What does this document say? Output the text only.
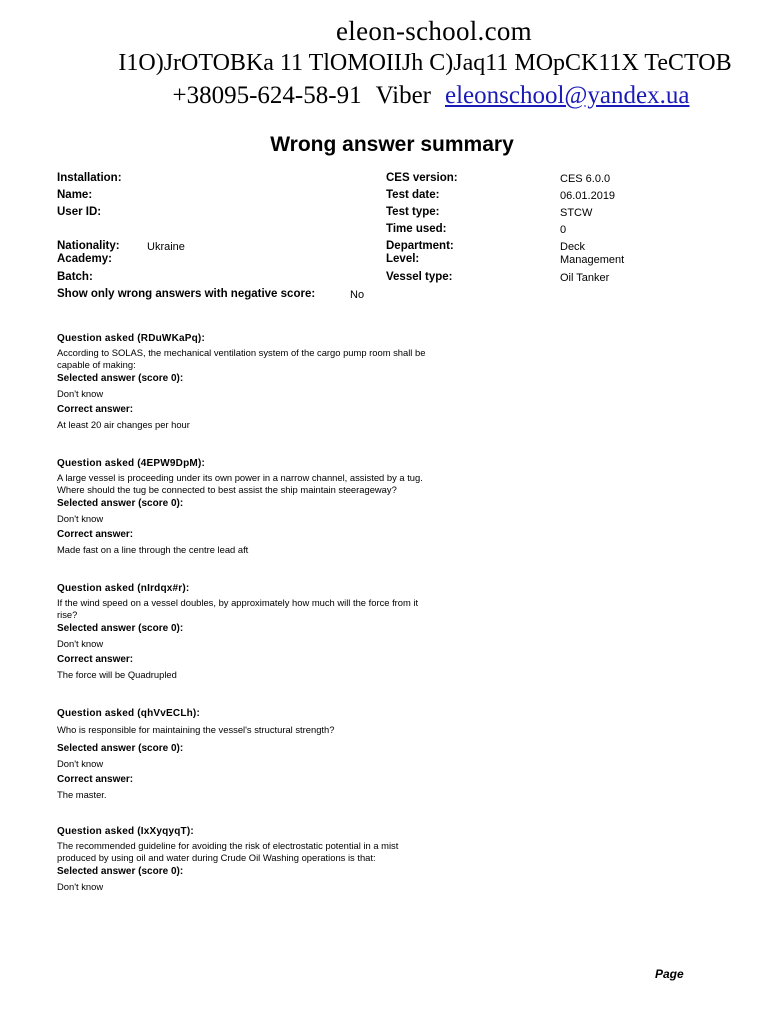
eleon-school.com
I1O)JrOTOBKa 11 TlOMOIIJh C)Jaq11 MOpCK11X TeCTOB
+38095-624-58-91 Viber eleonschool@yandex.ua
Wrong answer summary
Installation:
Name:
User ID:
Nationality: Ukraine
Academy:
Batch:
Show only wrong answers with negative score:	No
CES version:	CES 6.0.0
Test date:	06.01.2019
Test type:	STCW
Time used:	0
Department:	Deck
Level:	Management
Vessel type:	Oil Tanker
Question asked (RDuWKaPq):
According to SOLAS, the mechanical ventilation system of the cargo pump room shall be
capable of making:
Selected answer (score 0):
Don't know
Correct answer:
At least 20 air changes per hour
Question asked (4EPW9DpM):
A large vessel is proceeding under its own power in a narrow channel, assisted by a tug.
Where should the tug be connected to best assist the ship maintain steerageway?
Selected answer (score 0):
Don't know
Correct answer:
Made fast on a line through the centre lead aft
Question asked (nIrdqx#r):
If the wind speed on a vessel doubles, by approximately how much will the force from it
rise?
Selected answer (score 0):
Don't know
Correct answer:
The force will be Quadrupled
Question asked (qhVvECLh):
Who is responsible for maintaining the vessel's structural strength?
Selected answer (score 0):
Don't know
Correct answer:
The master.
Question asked (IxXyqyqT):
The recommended guideline for avoiding the risk of electrostatic potential in a mist
produced by using oil and water during Crude Oil Washing operations is that:
Selected answer (score 0):
Don't know
Page
